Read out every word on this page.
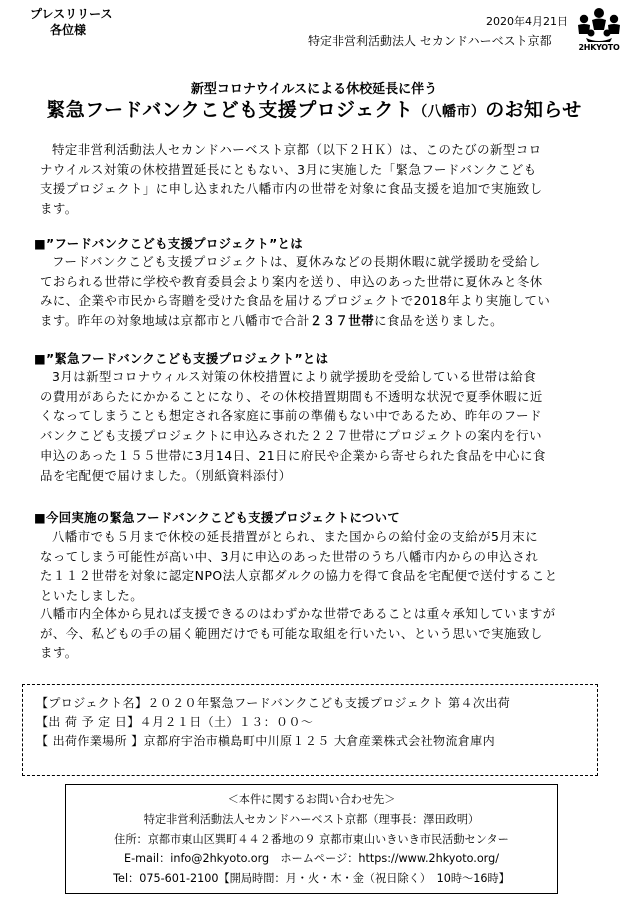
プレスリリース
各位様
2020年4月21日
特定非営利活動法人 セカンドハーベスト京都	2HKYOTO
新型コロナウイルスによる休校延長に伴う
緊急フードバンクこども支援プロジェクト（八幡市）のお知らせ
特定非営利活動法人セカンドハーベスト京都（以下２ＨＫ）は、このたびの新型コロ
ナウイルス対策の休校措置延長にともない、3月に実施した「緊急フードバンクこども
支援プロジェクト」に申し込まれた八幡市内の世帯を対象に食品支援を追加で実施致し
ます。
■”フードバンクこども支援プロジェクト”とは
フードバンクこども支援プロジェクトは、夏休みなどの長期休暇に就学援助を受給し
ておられる世帯に学校や教育委員会より案内を送り、申込のあった世帯に夏休みと冬休
みに、企業や市民から寄贈を受けた食品を届けるプロジェクトで2018年より実施してい
ます。昨年の対象地域は京都市と八幡市で合計２３７世帯に食品を送りました。
■”緊急フードバンクこども支援プロジェクト”とは
3月は新型コロナウィルス対策の休校措置により就学援助を受給している世帯は給食
の費用があらたにかかることになり、その休校措置期間も不透明な状況で夏季休暇に近
くなってしまうことも想定され各家庭に事前の準備もない中であるため、昨年のフード
バンクこども支援プロジェクトに申込みされた２２７世帯にプロジェクトの案内を行い
申込のあった１５５世帯に3月14日、21日に府民や企業から寄せられた食品を中心に食
品を宅配便で届けました。（別紙資料添付）
■今回実施の緊急フードバンクこども支援プロジェクトについて
八幡市でも５月まで休校の延長措置がとられ、また国からの給付金の支給が5月末に
なってしまう可能性が高い中、3月に申込のあった世帯のうち八幡市内からの申込され
た１１２世帯を対象に認定NPO法人京都ダルクの協力を得て食品を宅配便で送付すること
といたしました。
八幡市内全体から見れば支援できるのはわずかな世帯であることは重々承知していますが
が、今、私どもの手の届く範囲だけでも可能な取組を行いたい、という思いで実施致し
ます。
【プロジェクト名】２０２０年緊急フードバンクこども支援プロジェクト 第４次出荷
【出 荷 予 定 日】４月２１日（土）１３：００～
【 出荷作業場所 】京都府宇治市槇島町中川原１２５ 大倉産業株式会社物流倉庫内
＜本件に関するお問い合わせ先＞
特定非営利活動法人セカンドハーベスト京都（理事長：澤田政明）
住所：京都市東山区巽町４４２番地の９ 京都市東山いきいき市民活動センター
E-mail：info@2hkyoto.org　ホームページ：https://www.2hkyoto.org/
Tel：075-601-2100【開局時間：月・火・木・金（祝日除く）　10時～16時】
